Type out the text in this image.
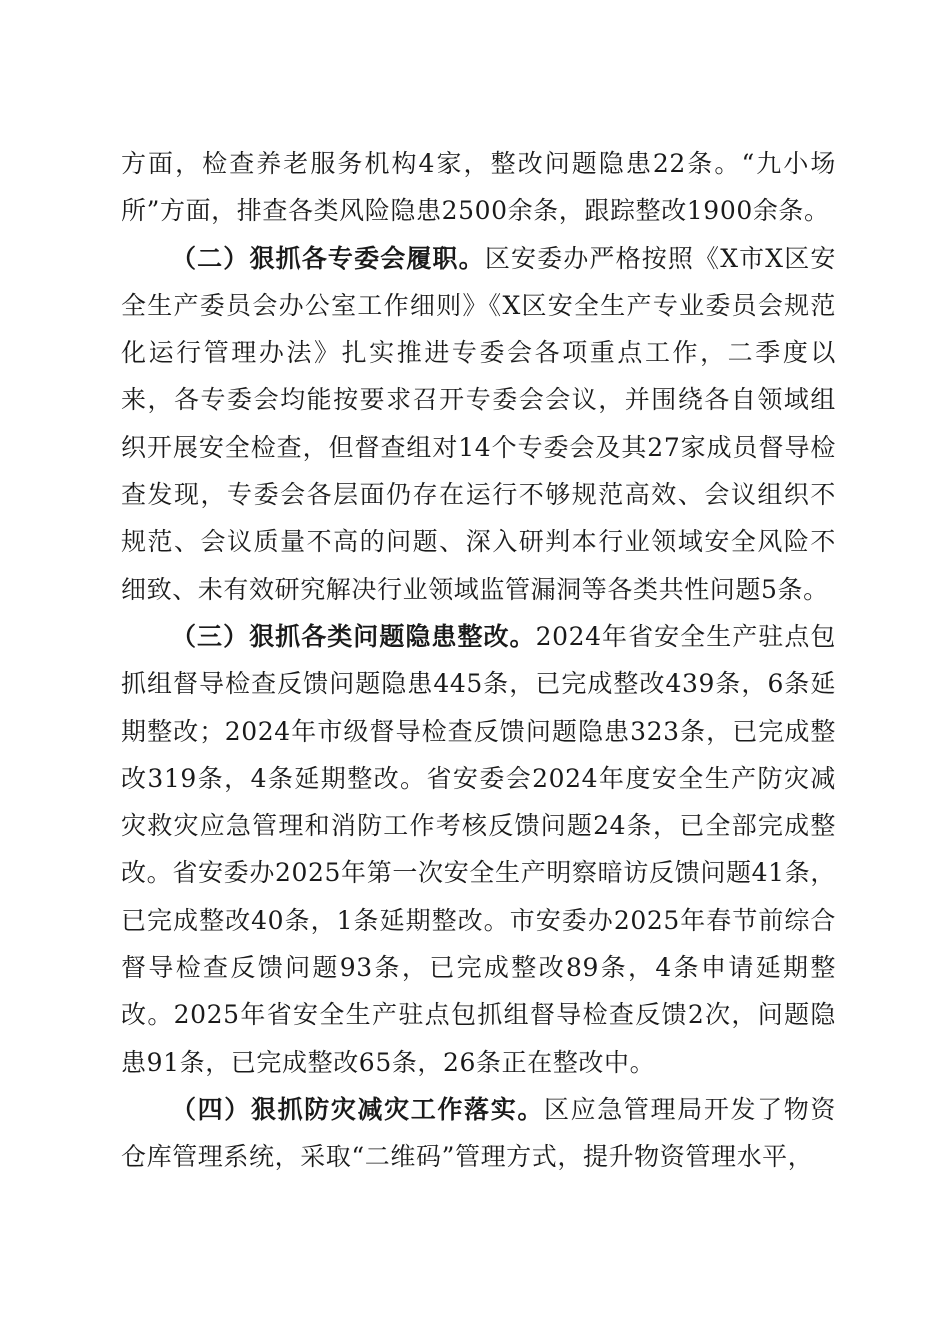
方面，检查养老服务机构4家，整改问题隐患22条。“九小场所”方面，排查各类风险隐患2500余条，跟踪整改1900余条。

（二）狠抓各专委会履职。区安委办严格按照《X市X区安全生产委员会办公室工作细则》《X区安全生产专业委员会规范化运行管理办法》扎实推进专委会各项重点工作，二季度以来，各专委会均能按要求召开专委会会议，并围绕各自领域组织开展安全检查，但督查组对14个专委会及其27家成员督导检查发现，专委会各层面仍存在运行不够规范高效、会议组织不规范、会议质量不高的问题、深入研判本行业领域安全风险不细致、未有效研究解决行业领域监管漏洞等各类共性问题5条。

（三）狠抓各类问题隐患整改。2024年省安全生产驻点包抓组督导检查反馈问题隐患445条，已完成整改439条，6条延期整改；2024年市级督导检查反馈问题隐患323条，已完成整改319条，4条延期整改。省安委会2024年度安全生产防灾减灾救灾应急管理和消防工作考核反馈问题24条，已全部完成整改。省安委办2025年第一次安全生产明察暗访反馈问题41条，已完成整改40条，1条延期整改。市安委办2025年春节前综合督导检查反馈问题93条，已完成整改89条，4条申请延期整改。2025年省安全生产驻点包抓组督导检查反馈2次，问题隐患91条，已完成整改65条，26条正在整改中。

（四）狠抓防灾减灾工作落实。区应急管理局开发了物资仓库管理系统，采取“二维码”管理方式，提升物资管理水平，
